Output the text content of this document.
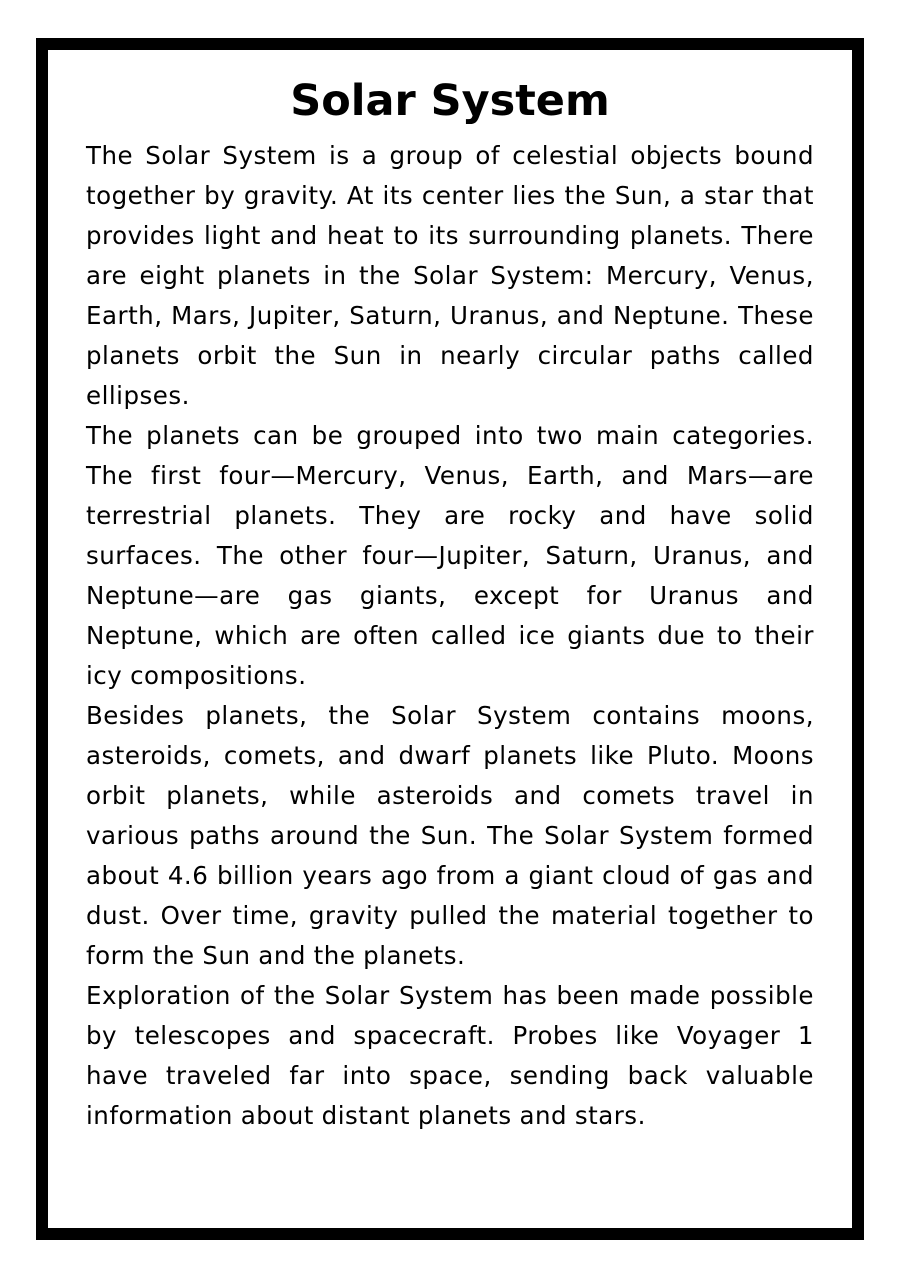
Solar System

The Solar System is a group of celestial objects bound together by gravity. At its center lies the Sun, a star that provides light and heat to its surrounding planets. There are eight planets in the Solar System: Mercury, Venus, Earth, Mars, Jupiter, Saturn, Uranus, and Neptune. These planets orbit the Sun in nearly circular paths called ellipses.

The planets can be grouped into two main categories. The first four—Mercury, Venus, Earth, and Mars—are terrestrial planets. They are rocky and have solid surfaces. The other four—Jupiter, Saturn, Uranus, and Neptune—are gas giants, except for Uranus and Neptune, which are often called ice giants due to their icy compositions.

Besides planets, the Solar System contains moons, asteroids, comets, and dwarf planets like Pluto. Moons orbit planets, while asteroids and comets travel in various paths around the Sun. The Solar System formed about 4.6 billion years ago from a giant cloud of gas and dust. Over time, gravity pulled the material together to form the Sun and the planets.

Exploration of the Solar System has been made possible by telescopes and spacecraft. Probes like Voyager 1 have traveled far into space, sending back valuable information about distant planets and stars.
